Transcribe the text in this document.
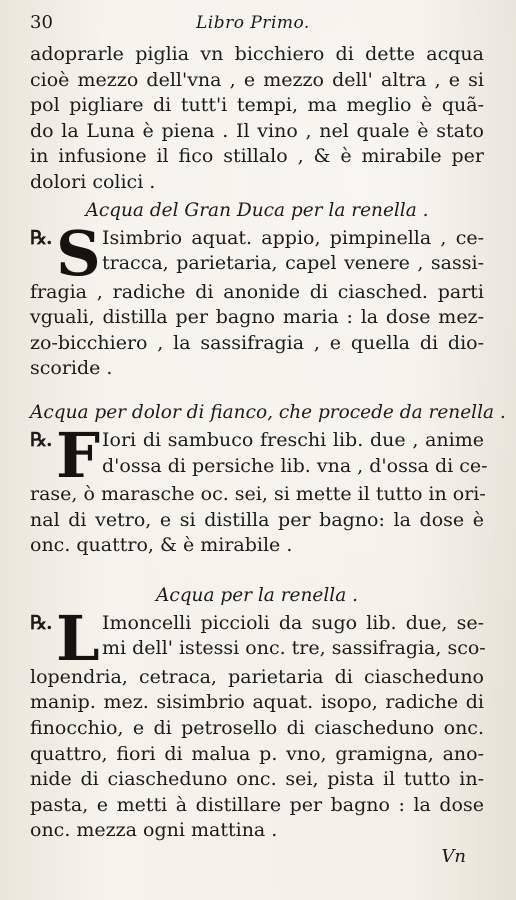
30	Libro Primo.
adoprarle piglia vn bicchiero di dette acqua
cioè mezzo dell'vna , e mezzo dell' altra , e si
pol pigliare di tutt'i tempi, ma meglio è quã-
do la Luna è piena . Il vino , nel quale è stato
in infusione il fico stillalo , & è mirabile per
dolori colici .
Acqua del Gran Duca per la renella .
℞. S Isimbrio aquat. appio, pimpinella , ce-
tracca, parietaria, capel venere , sassi-
fragia , radiche di anonide di ciasched. parti
vguali, distilla per bagno maria : la dose mez-
zo-bicchiero , la sassifragia , e quella di dio-
scoride .
Acqua per dolor di fianco, che procede da renella .
℞. F Iori di sambuco freschi lib. due , anime
d'ossa di persiche lib. vna , d'ossa di ce-
rase, ò marasche oc. sei, si mette il tutto in ori-
nal di vetro, e si distilla per bagno: la dose è
onc. quattro, & è mirabile .
Acqua per la renella .
℞. L Imoncelli piccioli da sugo lib. due, se-
mi dell' istessi onc. tre, sassifragia, sco-
lopendria, cetraca, parietaria di ciascheduno
manip. mez. sisimbrio aquat. isopo, radiche di
finocchio, e di petrosello di ciascheduno onc.
quattro, fiori di malua p. vno, gramigna, ano-
nide di ciascheduno onc. sei, pista il tutto in-
pasta, e metti à distillare per bagno : la dose
onc. mezza ogni mattina .
Vn
